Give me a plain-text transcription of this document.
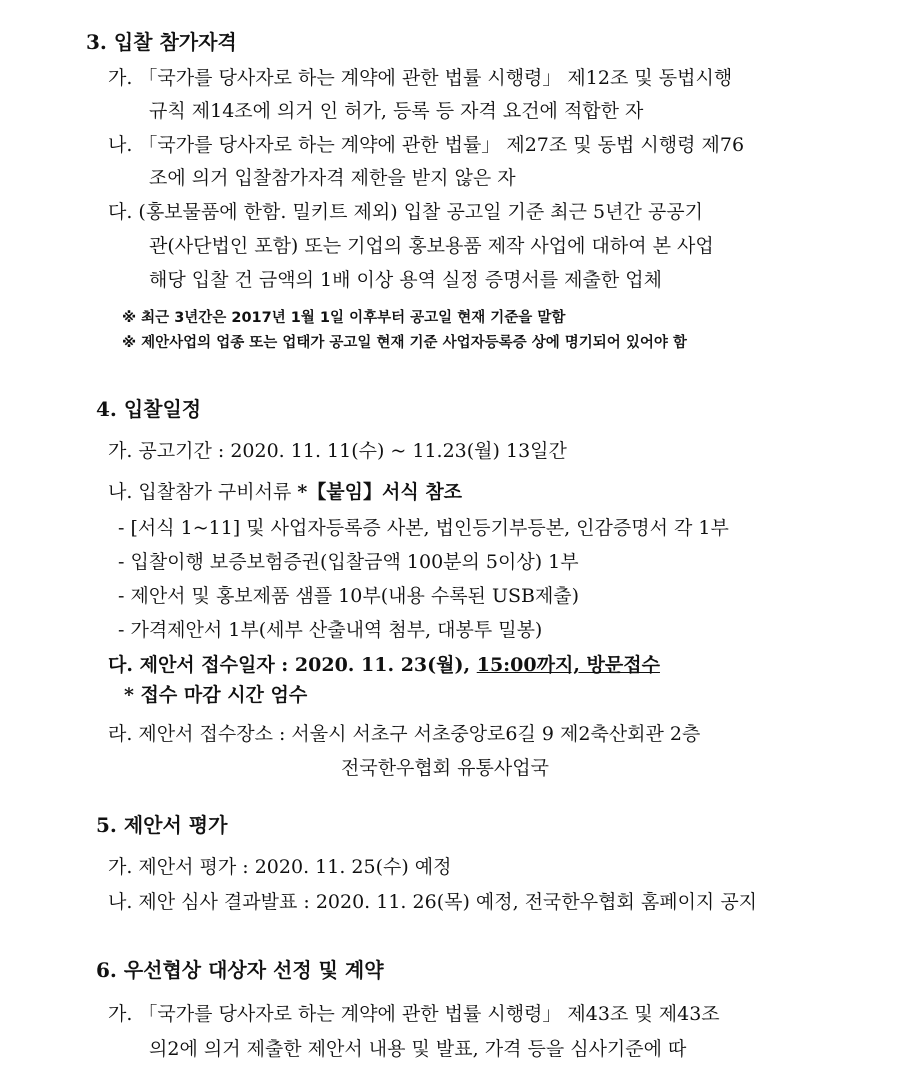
3. 입찰 참가자격
가. 「국가를 당사자로 하는 계약에 관한 법률 시행령」 제12조 및 동법시행
규칙 제14조에 의거 인 허가, 등록 등 자격 요건에 적합한 자
나. 「국가를 당사자로 하는 계약에 관한 법률」 제27조 및 동법 시행령 제76
조에 의거 입찰참가자격 제한을 받지 않은 자
다. (홍보물품에 한함. 밀키트 제외) 입찰 공고일 기준 최근 5년간 공공기
관(사단법인 포함) 또는 기업의 홍보용품 제작 사업에 대하여 본 사업
해당 입찰 건 금액의 1배 이상 용역 실정 증명서를 제출한 업체
※ 최근 3년간은 2017년 1월 1일 이후부터 공고일 현재 기준을 말함
※ 제안사업의 업종 또는 업태가 공고일 현재 기준 사업자등록증 상에 명기되어 있어야 함
4. 입찰일정
가. 공고기간 : 2020. 11. 11(수) ~ 11.23(월) 13일간
나. 입찰참가 구비서류 *【붙임】서식 참조
- [서식 1~11] 및 사업자등록증 사본, 법인등기부등본, 인감증명서 각 1부
- 입찰이행 보증보험증권(입찰금액 100분의 5이상) 1부
- 제안서 및 홍보제품 샘플 10부(내용 수록된 USB제출)
- 가격제안서 1부(세부 산출내역 첨부, 대봉투 밀봉)
다. 제안서 접수일자 : 2020. 11. 23(월), 15:00까지, 방문접수
* 접수 마감 시간 엄수
라. 제안서 접수장소 : 서울시 서초구 서초중앙로6길 9 제2축산회관 2층
전국한우협회 유통사업국
5. 제안서 평가
가. 제안서 평가 : 2020. 11. 25(수) 예정
나. 제안 심사 결과발표 : 2020. 11. 26(목) 예정, 전국한우협회 홈페이지 공지
6. 우선협상 대상자 선정 및 계약
가. 「국가를 당사자로 하는 계약에 관한 법률 시행령」 제43조 및 제43조
의2에 의거 제출한 제안서 내용 및 발표, 가격 등을 심사기준에 따
